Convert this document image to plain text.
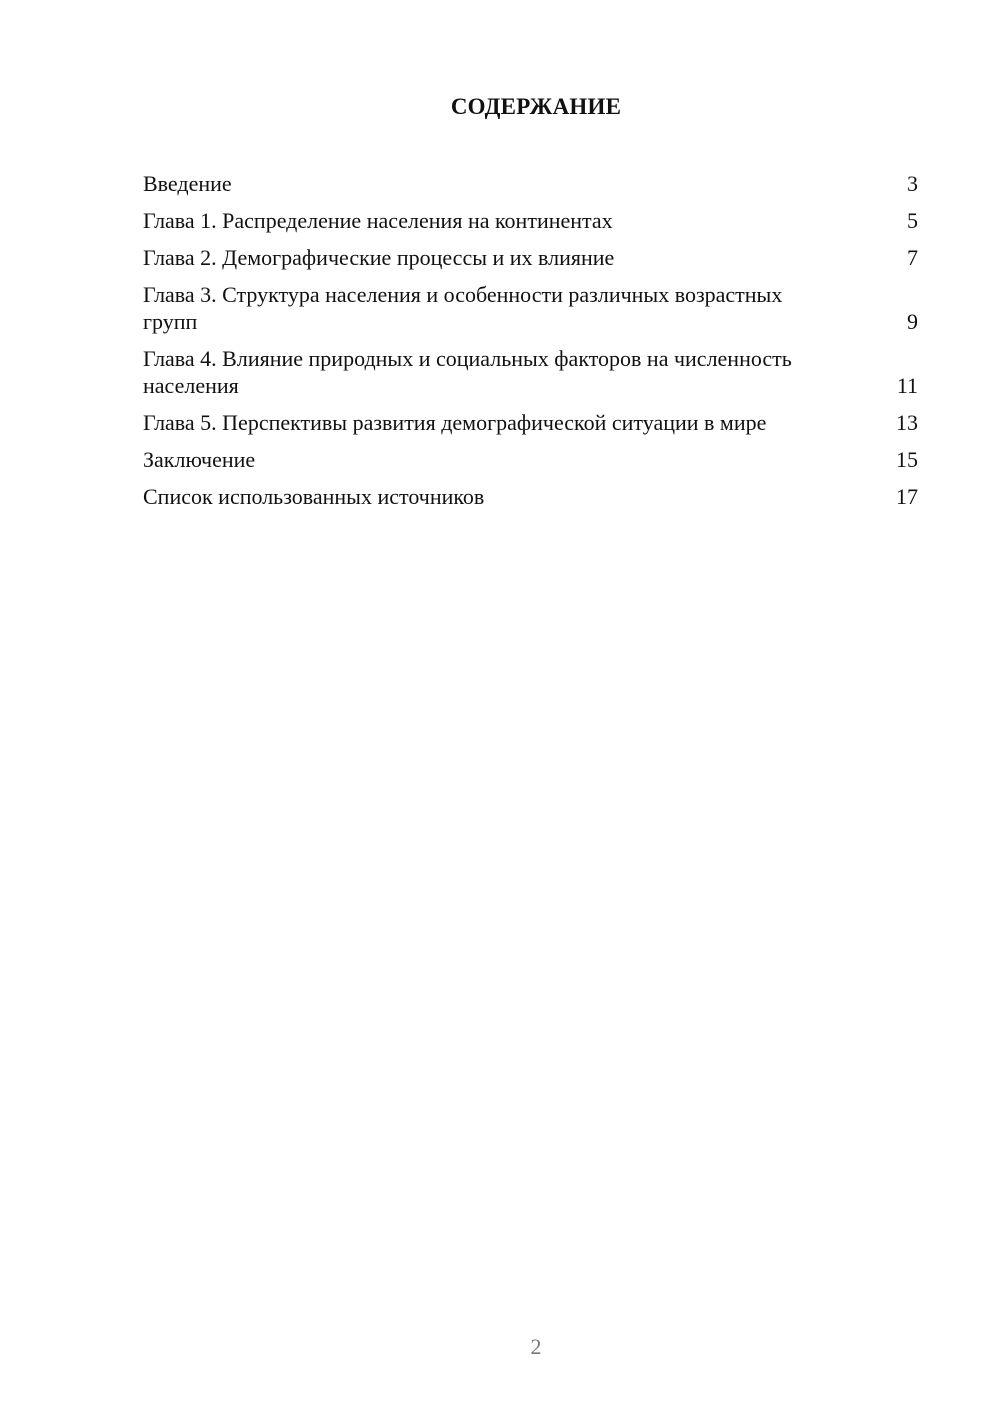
СОДЕРЖАНИЕ
Введение	3
Глава 1. Распределение населения на континентах	5
Глава 2. Демографические процессы и их влияние	7
Глава 3. Структура населения и особенности различных возрастных групп	9
Глава 4. Влияние природных и социальных факторов на численность населения	11
Глава 5. Перспективы развития демографической ситуации в мире	13
Заключение	15
Список использованных источников	17
2
